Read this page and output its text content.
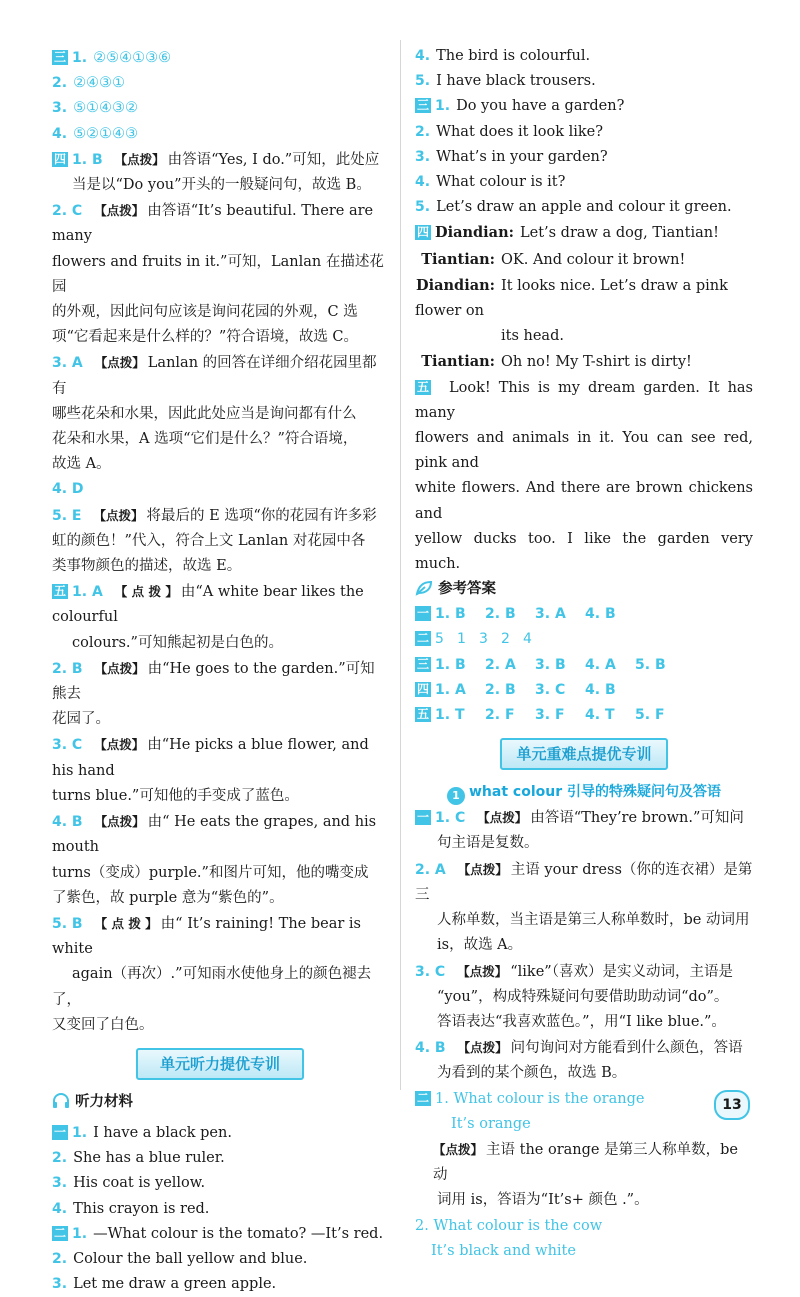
三 1. ②⑤④①③⑥
2. ②④③①
3. ⑤①④③②
4. ⑤②①④③
四 1. B 【点拨】 由答语“Yes, I do.”可知，此处应
当是以“Do you”开头的一般疑问句，故选 B。
2. C 【点拨】 由答语“It’s beautiful. There are many
flowers and fruits in it.”可知，Lanlan 在描述花园
的外观，因此问句应该是询问花园的外观，C 选
项“它看起来是什么样的？”符合语境，故选 C。
3. A 【点拨】 Lanlan 的回答在详细介绍花园里都有
哪些花朵和水果，因此此处应当是询问都有什么
花朵和水果，A 选项“它们是什么？”符合语境，
故选 A。
4. D
5. E 【点拨】 将最后的 E 选项“你的花园有许多彩
虹的颜色！”代入，符合上文 Lanlan 对花园中各
类事物颜色的描述，故选 E。
五 1. A 【 点 拨 】 由“A white bear likes the colourful
colours.”可知熊起初是白色的。
2. B 【点拨】 由“He goes to the garden.”可知熊去
花园了。
3. C 【点拨】 由“He picks a blue flower, and his hand
turns blue.”可知他的手变成了蓝色。
4. B 【点拨】 由“ He eats the grapes, and his mouth
turns（变成）purple.”和图片可知，他的嘴变成
了紫色，故 purple 意为“紫色的”。
5. B 【 点 拨 】 由“ It’s raining! The bear is white
again（再次）.”可知雨水使他身上的颜色褪去了，
又变回了白色。
单元听力提优专训
听力材料
一 1. I have a black pen.
2. She has a blue ruler.
3. His coat is yellow.
4. This crayon is red.
二 1. —What colour is the tomato? —It’s red.
2. Colour the ball yellow and blue.
3. Let me draw a green apple.
4. The bird is colourful.
5. I have black trousers.
三 1. Do you have a garden?
2. What does it look like?
3. What’s in your garden?
4. What colour is it?
5. Let’s draw an apple and colour it green.
四 Diandian: Let’s draw a dog, Tiantian!
Tiantian: OK. And colour it brown!
Diandian: It looks nice. Let’s draw a pink flower on
its head.
Tiantian: Oh no! My T-shirt is dirty!
五 Look! This is my dream garden. It has many
flowers and animals in it. You can see red, pink and
white flowers. And there are brown chickens and
yellow ducks too. I like the garden very much.
参考答案
一 1. B 2. B 3. A 4. B
二 5 1 3 2 4
三 1. B 2. A 3. B 4. A 5. B
四 1. A 2. B 3. C 4. B
五 1. T 2. F 3. F 4. T 5. F
单元重难点提优专训
1 what colour 引导的特殊疑问句及答语
一 1. C 【点拨】 由答语“They’re brown.”可知问
句主语是复数。
2. A 【点拨】 主语 your dress（你的连衣裙）是第三
人称单数，当主语是第三人称单数时，be 动词用
is，故选 A。
3. C 【点拨】 “like”（喜欢）是实义动词，主语是
“you”，构成特殊疑问句要借助助动词“do”。
答语表达“我喜欢蓝色。”，用“I like blue.”。
4. B 【点拨】 问句询问对方能看到什么颜色，答语
为看到的某个颜色，故选 B。
二 1. What colour is the orange
It’s orange
【点拨】 主语 the orange 是第三人称单数，be 动
词用 is，答语为“It’s+ 颜色 .”。
2. What colour is the cow
It’s black and white
13
